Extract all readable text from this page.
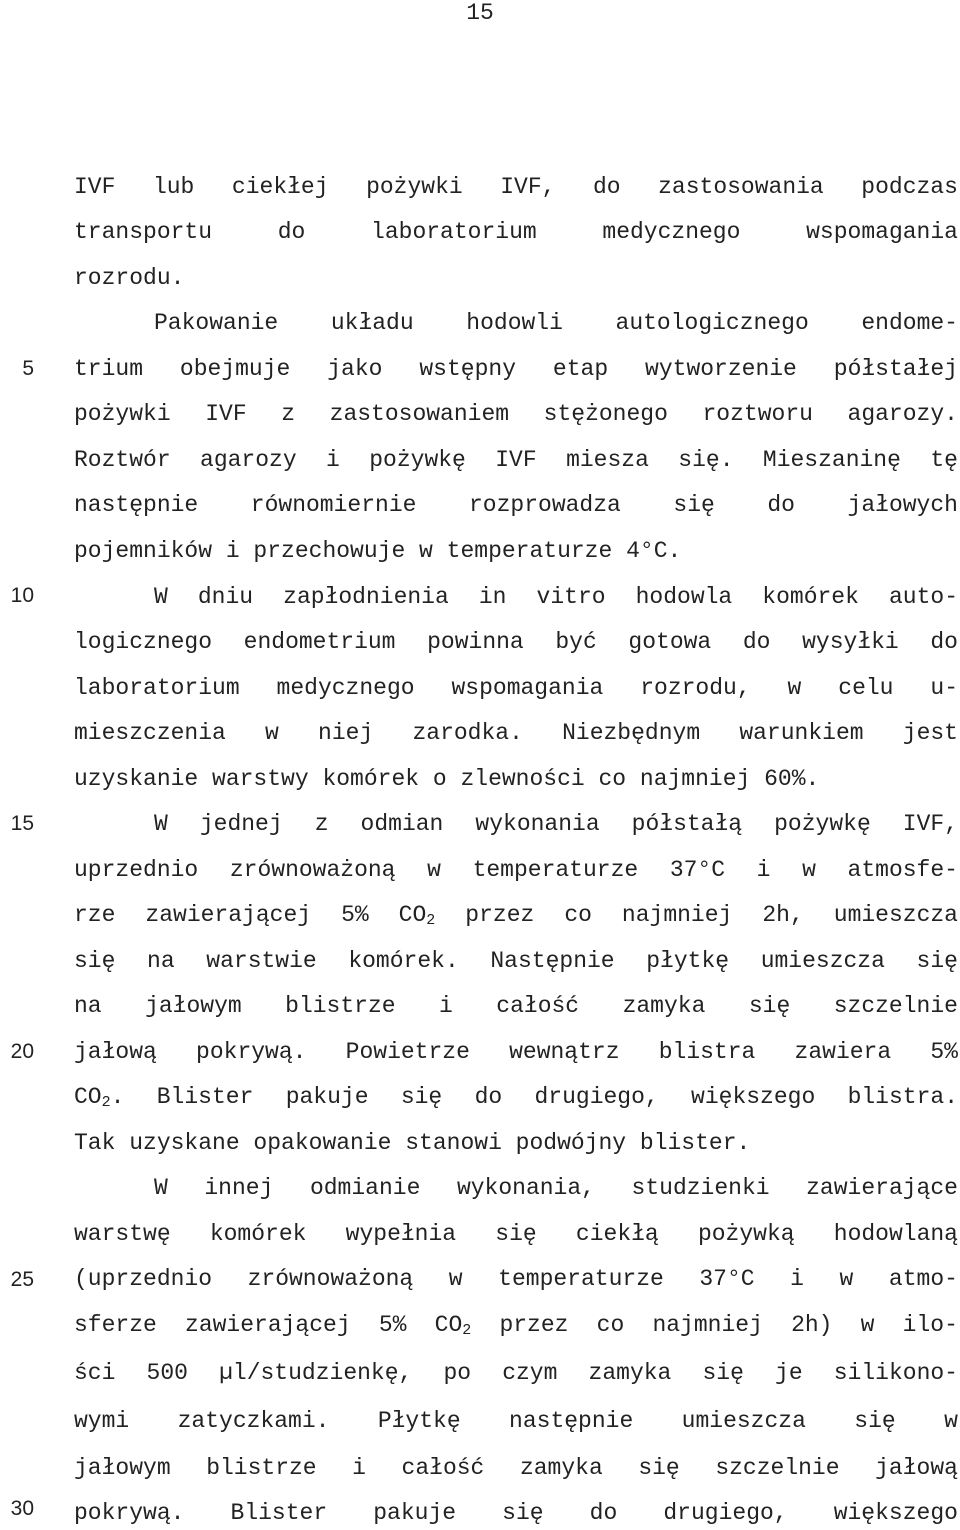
15
5
10
15
20
25
30
IVF lub ciekłej pożywki IVF, do zastosowania podczas
transportu	do	laboratorium	medycznego	wspomagania
rozrodu.
Pakowanie układu hodowli autologicznego endome-
trium obejmuje jako wstępny etap wytworzenie półstałej
pożywki IVF z zastosowaniem stężonego roztworu agarozy.
Roztwór agarozy i pożywkę IVF miesza się. Mieszaninę tę
następnie równomiernie rozprowadza się do jałowych
pojemników i przechowuje w temperaturze 4°C.
W dniu zapłodnienia in vitro hodowla komórek auto-
logicznego endometrium powinna być gotowa do wysyłki do
laboratorium medycznego wspomagania rozrodu, w celu u-
mieszczenia w niej zarodka. Niezbędnym warunkiem jest
uzyskanie warstwy komórek o zlewności co najmniej 60%.
W jednej z odmian wykonania półstałą pożywkę IVF,
uprzednio zrównoważoną w temperaturze 37°C i w atmosfe-
rze zawierającej 5% $CO_2$ przez co najmniej 2h, umieszcza
się na warstwie komórek. Następnie płytkę umieszcza się
na jałowym blistrze i całość zamyka się szczelnie
jałową pokrywą. Powietrze wewnątrz blistra zawiera 5%
$CO_2$. Blister pakuje się do drugiego, większego blistra.
Tak uzyskane opakowanie stanowi podwójny blister.
W innej odmianie wykonania, studzienki zawierające
warstwę komórek wypełnia się ciekłą pożywką hodowlaną
(uprzednio zrównoważoną w temperaturze 37°C i w atmo-
sferze zawierającej 5% $CO_2$ przez co najmniej 2h) w ilo-
ści 500 µl/studzienkę, po czym zamyka się je silikono-
wymi zatyczkami. Płytkę następnie umieszcza się w
jałowym blistrze i całość zamyka się szczelnie jałową
pokrywą. Blister pakuje się do drugiego, większego
